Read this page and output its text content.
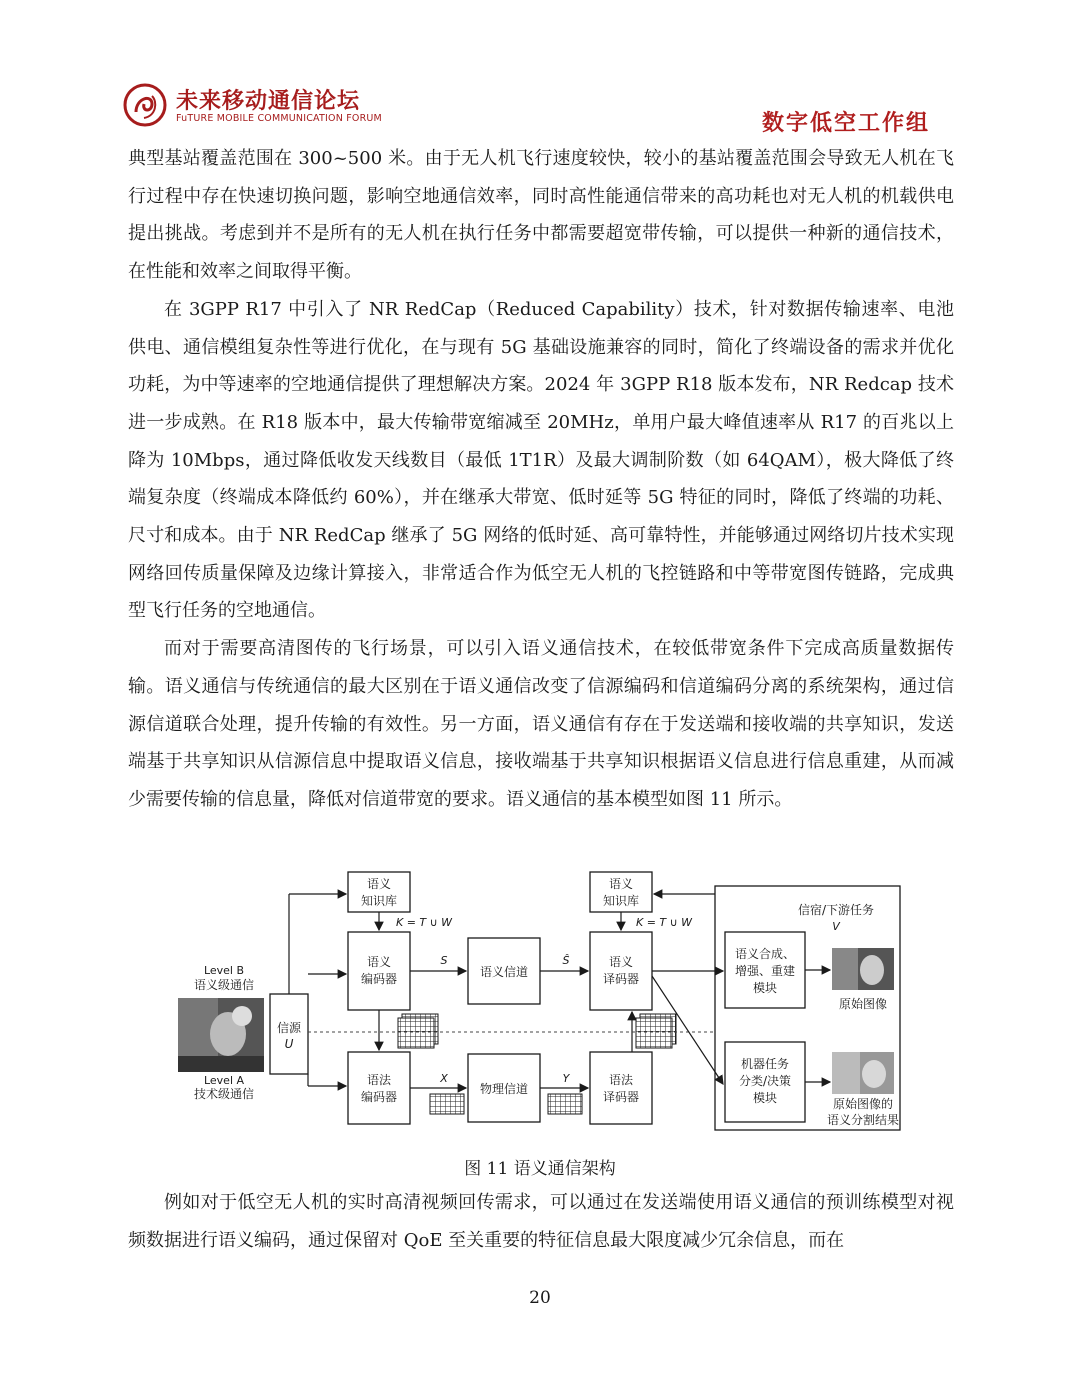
未来移动通信论坛
FuTURE MOBILE COMMUNICATION FORUM	数字低空工作组

典型基站覆盖范围在 300~500 米。由于无人机飞行速度较快，较小的基站覆盖范围会导致无人机在飞行过程中存在快速切换问题，影响空地通信效率，同时高性能通信带来的高功耗也对无人机的机载供电提出挑战。考虑到并不是所有的无人机在执行任务中都需要超宽带传输，可以提供一种新的通信技术，在性能和效率之间取得平衡。

在 3GPP R17 中引入了 NR RedCap（Reduced Capability）技术，针对数据传输速率、电池供电、通信模组复杂性等进行优化，在与现有 5G 基础设施兼容的同时，简化了终端设备的需求并优化功耗，为中等速率的空地通信提供了理想解决方案。2024 年 3GPP R18 版本发布，NR Redcap 技术进一步成熟。在 R18 版本中，最大传输带宽缩减至 20MHz，单用户最大峰值速率从 R17 的百兆以上降为 10Mbps，通过降低收发天线数目（最低 1T1R）及最大调制阶数（如 64QAM），极大降低了终端复杂度（终端成本降低约 60%），并在继承大带宽、低时延等 5G 特征的同时，降低了终端的功耗、尺寸和成本。由于 NR RedCap 继承了 5G 网络的低时延、高可靠特性，并能够通过网络切片技术实现网络回传质量保障及边缘计算接入，非常适合作为低空无人机的飞控链路和中等带宽图传链路，完成典型飞行任务的空地通信。

而对于需要高清图传的飞行场景，可以引入语义通信技术，在较低带宽条件下完成高质量数据传输。语义通信与传统通信的最大区别在于语义通信改变了信源编码和信道编码分离的系统架构，通过信源信道联合处理，提升传输的有效性。另一方面，语义通信有存在于发送端和接收端的共享知识，发送端基于共享知识从信源信息中提取语义信息，接收端基于共享知识根据语义信息进行信息重建，从而减少需要传输的信息量，降低对信道带宽的要求。语义通信的基本模型如图 11 所示。

Level B
语义级通信
Level A
技术级通信
信源
U
语义
知识库
K = T ∪ W
语义
编码器
S
语义信道
Ŝ
语义
知识库
K = T ∪ W
语义
译码器
语法
编码器
X
物理信道
Y	语法
译码器
信宿/下游任务
V
语义合成、
增强、重建
模块
原始图像
机器任务
分类/决策
模块	原始图像的
语义分割结果
图 11 语义通信架构

例如对于低空无人机的实时高清视频回传需求，可以通过在发送端使用语义通信的预训练模型对视频数据进行语义编码，通过保留对 QoE 至关重要的特征信息最大限度减少冗余信息，而在

20
